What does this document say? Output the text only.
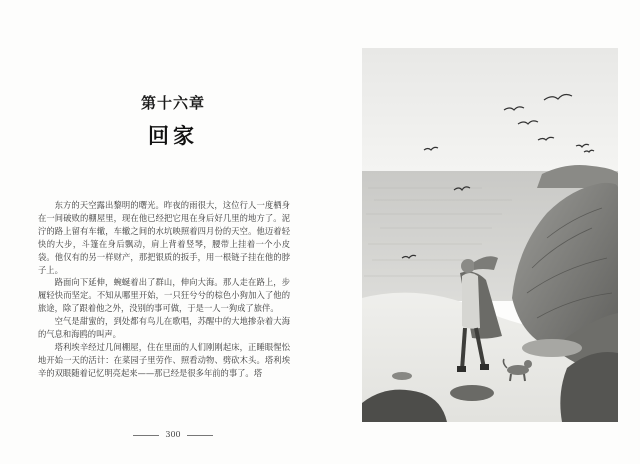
第十六章
回家

东方的天空露出黎明的曙光。昨夜的雨很大，这位行人一度栖身在一间破败的棚屋里，现在他已经把它甩在身后好几里的地方了。泥泞的路上留有车辙，车辙之间的水坑映照着四月份的天空。他迈着轻快的大步，斗篷在身后飘动，肩上背着竖琴，腰带上挂着一个小皮袋。他仅有的另一样财产，那把银质的扳手，用一根链子挂在他的脖子上。

路面向下延伸，蜿蜒着出了群山，伸向大海。那人走在路上，步履轻快而坚定。不知从哪里开始，一只狂兮兮的棕色小狗加入了他的旅途，除了跟着他之外，没别的事可做，于是一人一狗成了旅伴。

空气是甜蜜的，到处都有鸟儿在歌唱，苏醒中的大地掺杂着大海的气息和海鸥的叫声。

塔利埃辛经过几间棚屋，住在里面的人们刚刚起床，正睡眼惺忪地开始一天的活计：在菜园子里劳作、照看动物、劈砍木头。塔利埃辛的双眼随着记忆明亮起来——那已经是很多年前的事了。塔

300
